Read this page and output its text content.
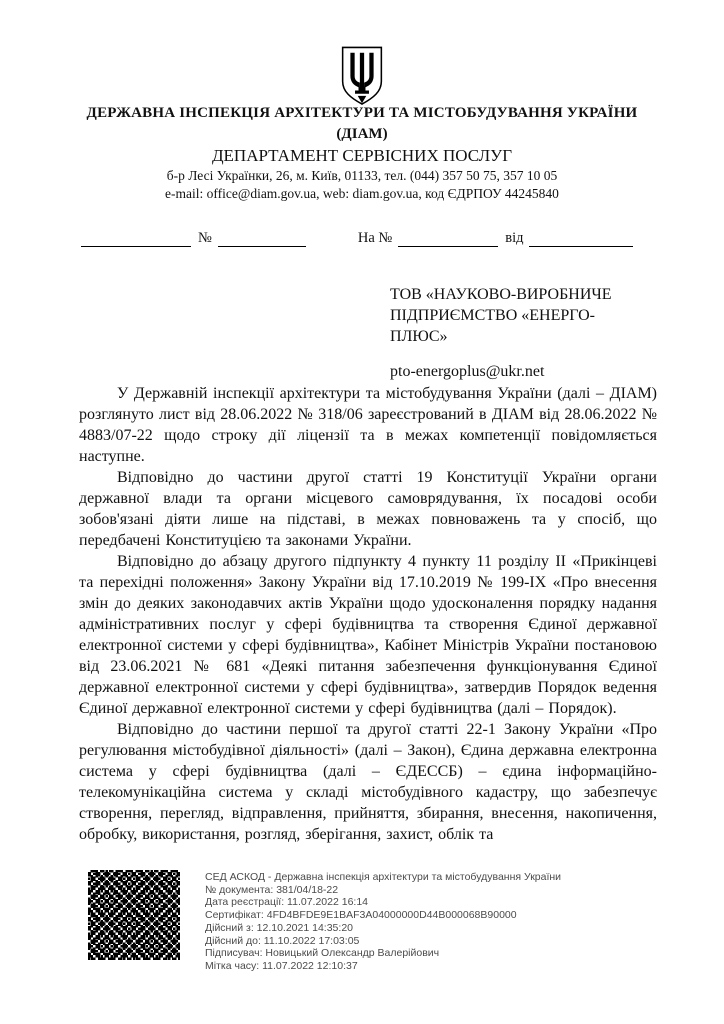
ДЕРЖАВНА ІНСПЕКЦІЯ АРХІТЕКТУРИ ТА МІСТОБУДУВАННЯ УКРАЇНИ
(ДІАМ)
ДЕПАРТАМЕНТ СЕРВІСНИХ ПОСЛУГ
б-р Лесі Українки, 26, м. Київ, 01133, тел. (044) 357 50 75, 357 10 05
e-mail: office@diam.gov.ua, web: diam.gov.ua, код ЄДРПОУ 44245840
№	На №	від
ТОВ «НАУКОВО-ВИРОБНИЧЕ ПІДПРИЄМСТВО «ЕНЕРГО-ПЛЮС»
pto-energoplus@ukr.net

У Державній інспекції архітектури та містобудування України (далі – ДІАМ) розглянуто лист від 28.06.2022 № 318/06 зареєстрований в ДІАМ від 28.06.2022 № 4883/07-22 щодо строку дії ліцензії та в межах компетенції повідомляється наступне.

Відповідно до частини другої статті 19 Конституції України органи державної влади та органи місцевого самоврядування, їх посадові особи зобов'язані діяти лише на підставі, в межах повноважень та у спосіб, що передбачені Конституцією та законами України.

Відповідно до абзацу другого підпункту 4 пункту 11 розділу ІІ «Прикінцеві та перехідні положення» Закону України від 17.10.2019 № 199-ІХ «Про внесення змін до деяких законодавчих актів України щодо удосконалення порядку надання адміністративних послуг у сфері будівництва та створення Єдиної державної електронної системи у сфері будівництва», Кабінет Міністрів України постановою від 23.06.2021 № 681 «Деякі питання забезпечення функціонування Єдиної державної електронної системи у сфері будівництва», затвердив Порядок ведення Єдиної державної електронної системи у сфері будівництва (далі – Порядок).

Відповідно до частини першої та другої статті 22-1 Закону України «Про регулювання містобудівної діяльності» (далі – Закон), Єдина державна електронна система у сфері будівництва (далі – ЄДЕССБ) – єдина інформаційно-телекомунікаційна система у складі містобудівного кадастру, що забезпечує створення, перегляд, відправлення, прийняття, збирання, внесення, накопичення, обробку, використання, розгляд, зберігання, захист, облік та

СЕД АСКОД - Державна інспекція архітектури та містобудування України
№ документа: 381/04/18-22
Дата реєстрації: 11.07.2022 16:14
Сертифікат: 4FD4BFDE9E1BAF3A04000000D44B000068B90000
Дійсний з: 12.10.2021 14:35:20
Дійсний до: 11.10.2022 17:03:05
Підписувач: Новицький Олександр Валерійович
Мітка часу: 11.07.2022 12:10:37
